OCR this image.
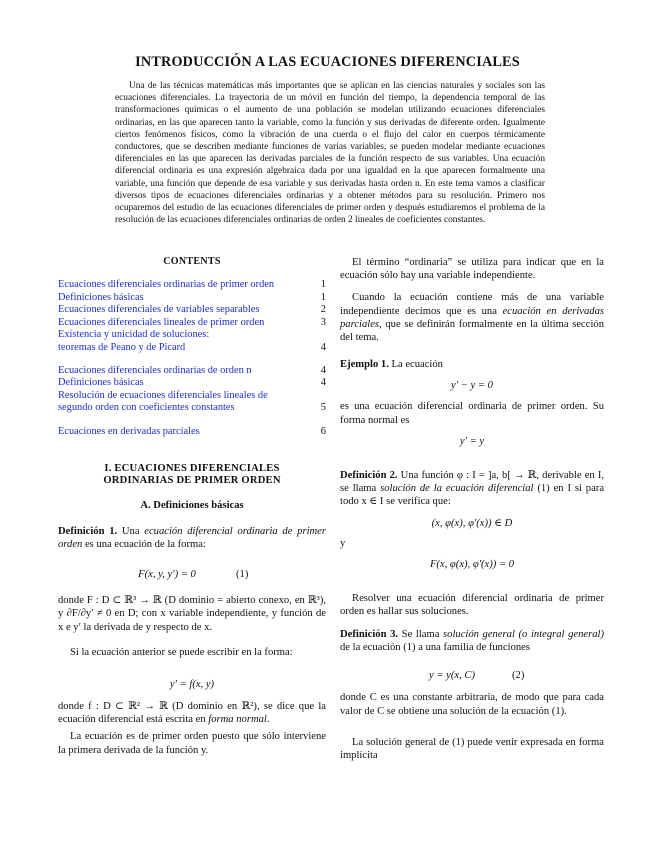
INTRODUCCIÓN A LAS ECUACIONES DIFERENCIALES

Una de las técnicas matemáticas más importantes que se aplican en las ciencias naturales y sociales son las ecuaciones diferenciales. La trayectoria de un móvil en función del tiempo, la dependencia temporal de las transformaciones químicas o el aumento de una población se modelan utilizando ecuaciones diferenciales ordinarias, en las que aparecen tanto la variable, como la función y sus derivadas de diferente orden. Igualmente ciertos fenómenos físicos, como la vibración de una cuerda o el flujo del calor en cuerpos térmicamente conductores, que se describen mediante funciones de varias variables, se pueden modelar mediante ecuaciones diferenciales en las que aparecen las derivadas parciales de la función respecto de sus variables. Una ecuación diferencial ordinaria es una expresión algebraica dada por una igualdad en la que aparecen formalmente una variable, una función que depende de esa variable y sus derivadas hasta orden n. En este tema vamos a clasificar diversos tipos de ecuaciones diferenciales ordinarias y a obtener métodos para su resolución. Primero nos ocuparemos del estudio de las ecuaciones diferenciales de primer orden y después estudiaremos el problema de la resolución de las ecuaciones diferenciales ordinarias de orden 2 lineales de coeficientes constantes.

CONTENTS
Ecuaciones diferenciales ordinarias de primer orden	1
Definiciones básicas	1
Ecuaciones diferenciales de variables separables	2
Ecuaciones diferenciales lineales de primer orden	3
Existencia y unicidad de soluciones:
teoremas de Peano y de Picard	4
Ecuaciones diferenciales ordinarias de orden n	4
Definiciones básicas	4
Resolución de ecuaciones diferenciales lineales de
segundo orden con coeficientes constantes	5
Ecuaciones en derivadas parciales	6
I. ECUACIONES DIFERENCIALES
ORDINARIAS DE PRIMER ORDEN
A. Definiciones básicas

Definición 1. Una ecuación diferencial ordinaria de primer orden es una ecuación de la forma:

F(x, y, y′) = 0	(1)

donde F : D ⊂ ℝ³ → ℝ (D dominio = abierto conexo, en ℝ³), y ∂F/∂y′ ≠ 0 en D; con x variable independiente, y función de x e y′ la derivada de y respecto de x.

Si la ecuación anterior se puede escribir en la forma:

y′ = f(x, y)

donde f : D ⊂ ℝ² → ℝ (D dominio en ℝ²), se dice que la ecuación diferencial está escrita en forma normal.

La ecuación es de primer orden puesto que sólo interviene la primera derivada de la función y.

El término “ordinaria” se utiliza para indicar que en la ecuación sólo hay una variable independiente.

Cuando la ecuación contiene más de una variable independiente decimos que es una ecuación en derivadas parciales, que se definirán formalmente en la última sección del tema.

Ejemplo 1. La ecuación

y′ − y = 0

es una ecuación diferencial ordinaria de primer orden. Su forma normal es

y′ = y

Definición 2. Una función φ : I = ]a, b[ → ℝ, derivable en I, se llama solución de la ecuación diferencial (1) en I si para todo x ∈ I se verifica que:

(x, φ(x), φ′(x)) ∈ D

y

F(x, φ(x), φ′(x)) = 0

Resolver una ecuación diferencial ordinaria de primer orden es hallar sus soluciones.

Definición 3. Se llama solución general (o integral general) de la ecuación (1) a una familia de funciones

y = y(x, C)	(2)

donde C es una constante arbitraria, de modo que para cada valor de C se obtiene una solución de la ecuación (1).

La solución general de (1) puede venir expresada en forma implícita
